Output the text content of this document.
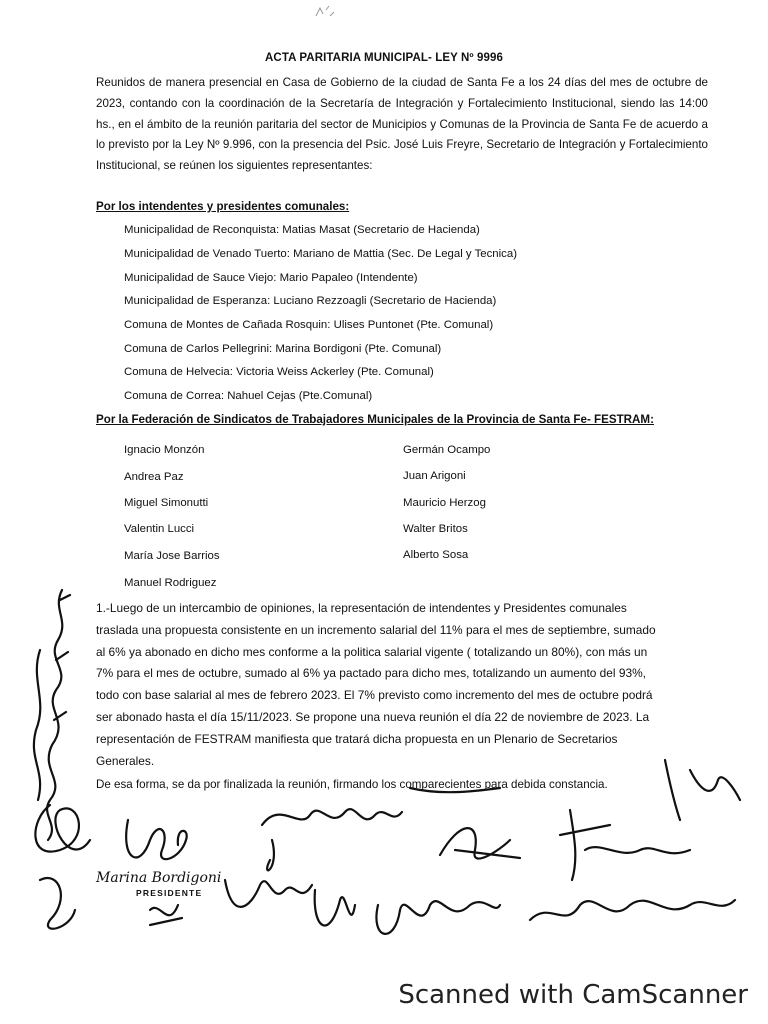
ACTA PARITARIA MUNICIPAL- LEY Nº 9996
Reunidos de manera presencial en Casa de Gobierno de la ciudad de Santa Fe a los 24 días del mes de octubre de 2023, contando con la coordinación de la Secretaría de Integración y Fortalecimiento Institucional, siendo las 14:00 hs., en el ámbito de la reunión paritaria del sector de Municipios y Comunas de la Provincia de Santa Fe de acuerdo a lo previsto por la Ley Nº 9.996, con la presencia del Psic. José Luis Freyre, Secretario de Integración y Fortalecimiento Institucional, se reúnen los siguientes representantes:
Por los intendentes y presidentes comunales:
Municipalidad de Reconquista: Matias Masat (Secretario de Hacienda)
Municipalidad de Venado Tuerto: Mariano de Mattia (Sec. De Legal y Tecnica)
Municipalidad de Sauce Viejo: Mario Papaleo (Intendente)
Municipalidad de Esperanza: Luciano Rezzoagli (Secretario de Hacienda)
Comuna de Montes de Cañada Rosquin: Ulises Puntonet (Pte. Comunal)
Comuna de Carlos Pellegrini: Marina Bordigoni (Pte. Comunal)
Comuna de Helvecia: Victoria Weiss Ackerley (Pte. Comunal)
Comuna de Correa: Nahuel Cejas (Pte.Comunal)
Por la Federación de Sindicatos de Trabajadores Municipales de la Provincia de Santa Fe- FESTRAM:
Ignacio Monzón
Andrea Paz
Miguel Simonutti
Valentin Lucci
María Jose Barrios
Manuel Rodriguez
Germán Ocampo
Juan Arigoni
Mauricio Herzog
Walter Britos
Alberto Sosa
1.-Luego de un intercambio de opiniones, la representación de intendentes y Presidentes comunales
traslada una propuesta consistente en un incremento salarial del 11% para el mes de septiembre, sumado
al 6% ya abonado en dicho mes conforme a la politica salarial vigente ( totalizando un 80%), con más un
7% para el mes de octubre, sumado al 6% ya pactado para dicho mes, totalizando un aumento del 93%,
todo con base salarial al mes de febrero 2023. El 7% previsto como incremento del mes de octubre podrá
ser abonado hasta el día 15/11/2023. Se propone una nueva reunión el día 22 de noviembre de 2023. La
representación de FESTRAM manifiesta que tratará dicha propuesta en un Plenario de Secretarios
Generales.
De esa forma, se da por finalizada la reunión, firmando los comparecientes para debida constancia.
Marina Bordigoni
PRESIDENTE
Scanned with CamScanner
